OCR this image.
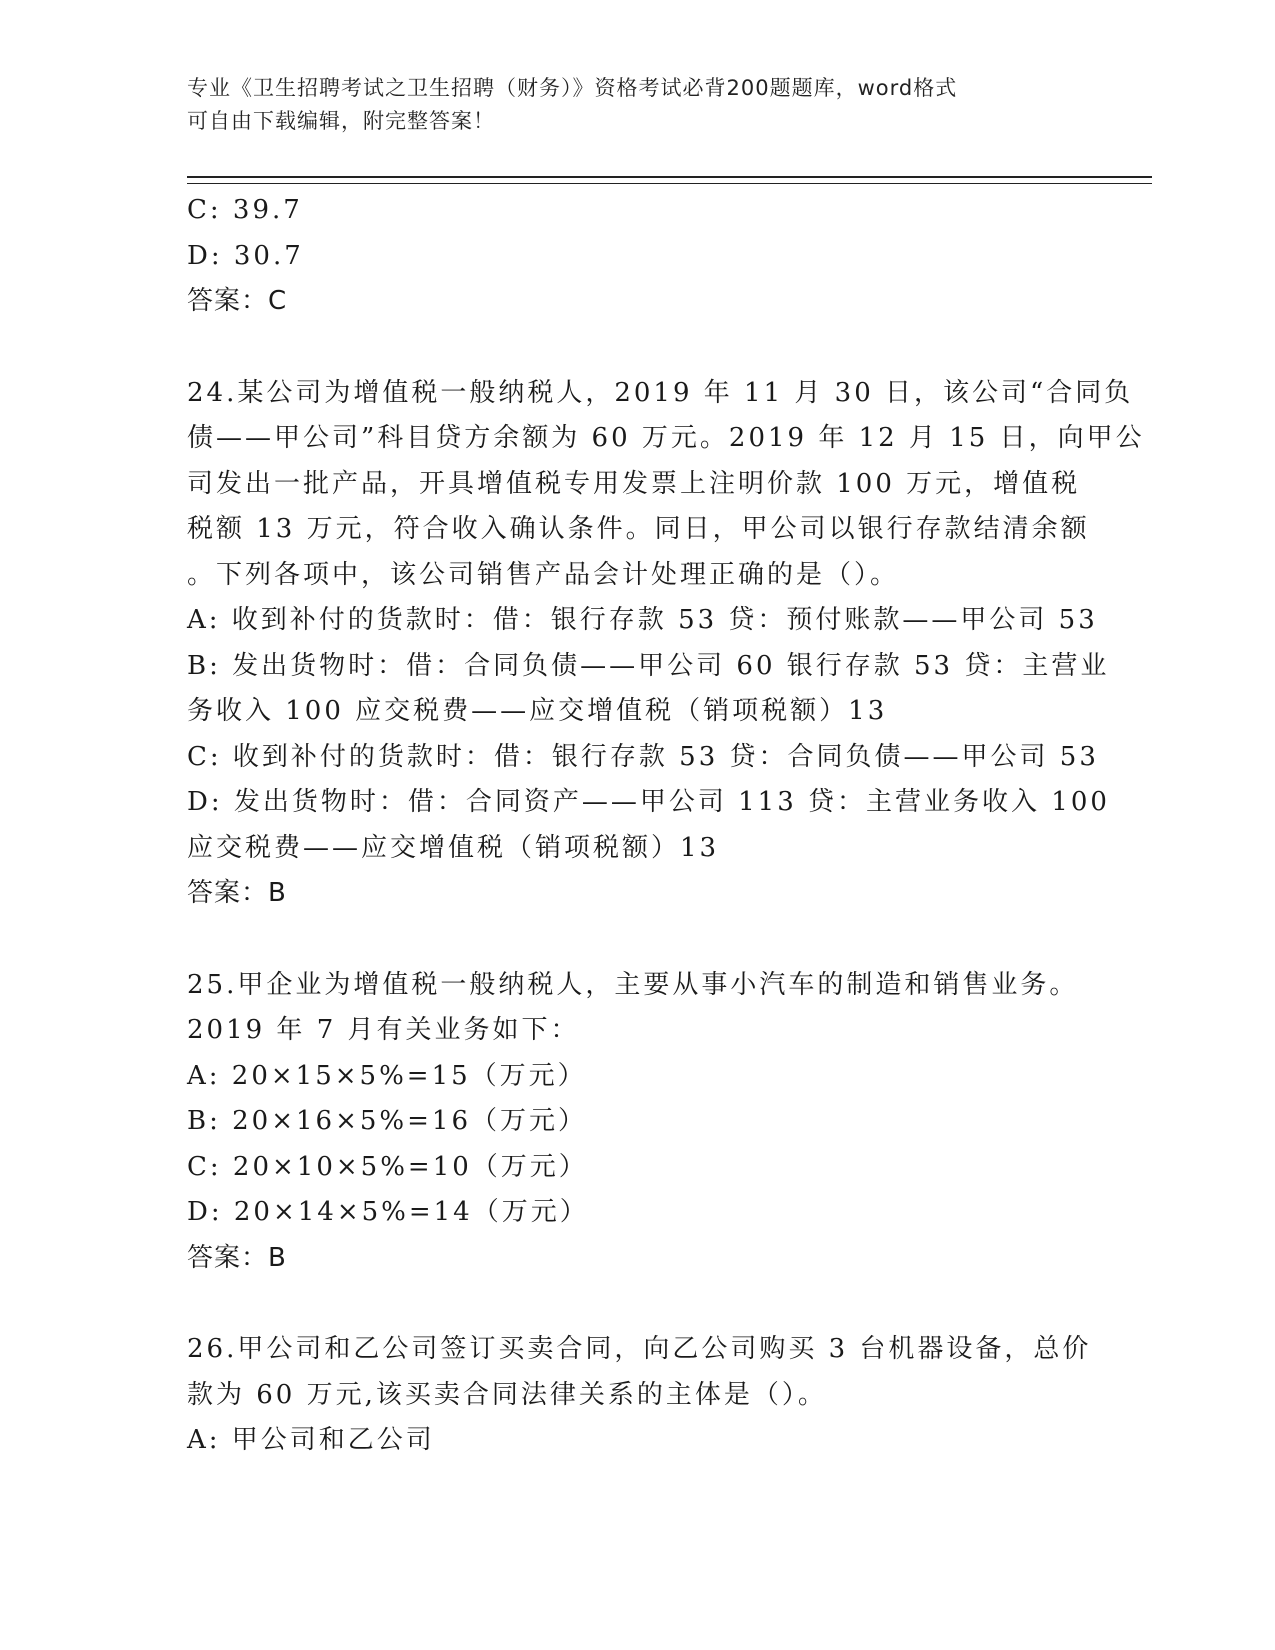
专业《卫生招聘考试之卫生招聘（财务）》资格考试必背200题题库，word格式
可自由下载编辑，附完整答案！
C: 39.7
D: 30.7
答案：C
24.某公司为增值税一般纳税人，2019 年 11 月 30 日，该公司“合同负
债——甲公司”科目贷方余额为 60 万元。2019 年 12 月 15 日，向甲公
司发出一批产品，开具增值税专用发票上注明价款 100 万元，增值税
税额 13 万元，符合收入确认条件。同日，甲公司以银行存款结清余额
。下列各项中，该公司销售产品会计处理正确的是（）。
A: 收到补付的货款时：借：银行存款 53 贷：预付账款——甲公司 53
B: 发出货物时：借：合同负债——甲公司 60 银行存款 53 贷：主营业
务收入 100 应交税费——应交增值税（销项税额）13
C: 收到补付的货款时：借：银行存款 53 贷：合同负债——甲公司 53
D: 发出货物时：借：合同资产——甲公司 113 贷：主营业务收入 100
应交税费——应交增值税（销项税额）13
答案：B
25.甲企业为增值税一般纳税人，主要从事小汽车的制造和销售业务。
2019 年 7 月有关业务如下：
A: 20×15×5%=15（万元）
B: 20×16×5%=16（万元）
C: 20×10×5%=10（万元）
D: 20×14×5%=14（万元）
答案：B
26.甲公司和乙公司签订买卖合同，向乙公司购买 3 台机器设备，总价
款为 60 万元,该买卖合同法律关系的主体是（）。
A: 甲公司和乙公司
